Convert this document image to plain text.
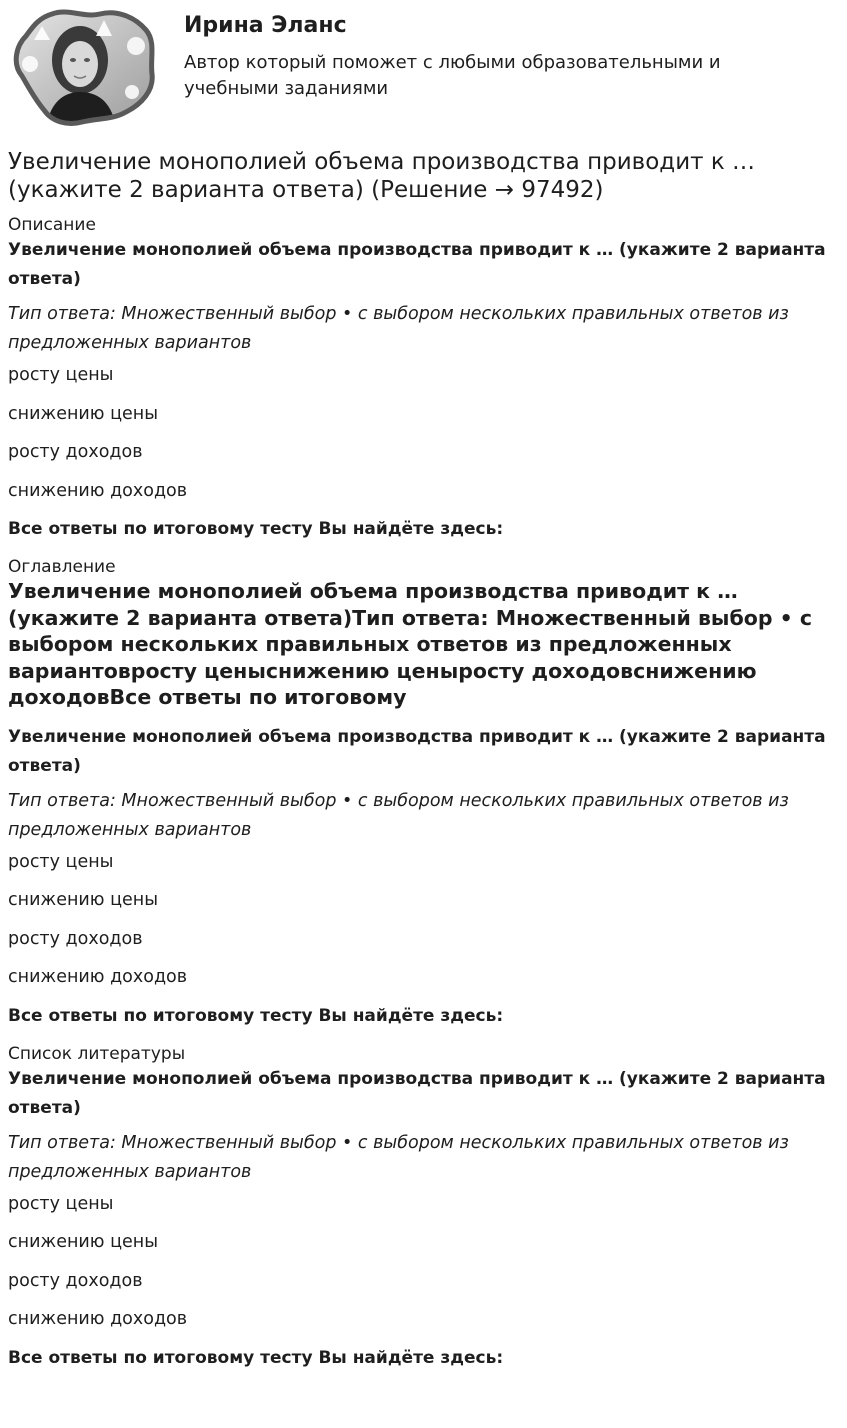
Ирина Эланс

Автор который поможет с любыми образовательными и учебными заданиями

Увеличение монополией объема производства приводит к … (укажите 2 варианта ответа) (Решение → 97492)

Описание

Увеличение монополией объема производства приводит к … (укажите 2 варианта ответа)

Тип ответа: Множественный выбор • с выбором нескольких правильных ответов из предложенных вариантов

росту цены

снижению цены

росту доходов

снижению доходов

Все ответы по итоговому тесту Вы найдёте здесь:

Оглавление

Увеличение монополией объема производства приводит к … (укажите 2 варианта ответа)Тип ответа: Множественный выбор • с выбором нескольких правильных ответов из предложенных вариантовросту ценыснижению ценыросту доходовснижению доходовВсе ответы по итоговому

Увеличение монополией объема производства приводит к … (укажите 2 варианта ответа)

Тип ответа: Множественный выбор • с выбором нескольких правильных ответов из предложенных вариантов

росту цены

снижению цены

росту доходов

снижению доходов

Все ответы по итоговому тесту Вы найдёте здесь:

Список литературы

Увеличение монополией объема производства приводит к … (укажите 2 варианта ответа)

Тип ответа: Множественный выбор • с выбором нескольких правильных ответов из предложенных вариантов

росту цены

снижению цены

росту доходов

снижению доходов

Все ответы по итоговому тесту Вы найдёте здесь:
